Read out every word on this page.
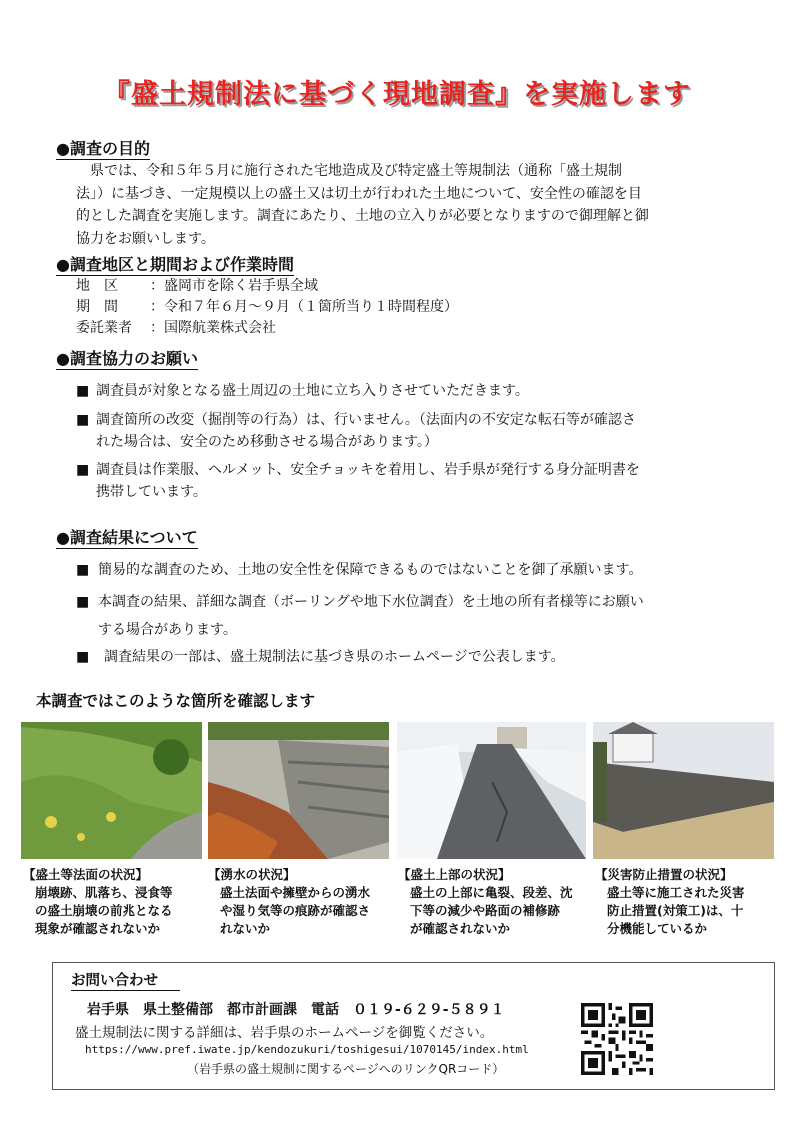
『盛土規制法に基づく現地調査』を実施します
●調査の目的
県では、令和５年５月に施行された宅地造成及び特定盛土等規制法（通称「盛土規制
法」）に基づき、一定規模以上の盛土又は切土が行われた土地について、安全性の確認を目
的とした調査を実施します。調査にあたり、土地の立入りが必要となりますので御理解と御
協力をお願いします。
●調査地区と期間および作業時間
地　区 ：盛岡市を除く岩手県全域
期　間 ：令和７年６月～９月（１箇所当り１時間程度）
委託業者 ：国際航業株式会社
●調査協力のお願い
■ 調査員が対象となる盛土周辺の土地に立ち入りさせていただきます。
■ 調査箇所の改変（掘削等の行為）は、行いません。（法面内の不安定な転石等が確認さ
れた場合は、安全のため移動させる場合があります。）
■ 調査員は作業服、ヘルメット、安全チョッキを着用し、岩手県が発行する身分証明書を
携帯しています。
●調査結果について
■ 簡易的な調査のため、土地の安全性を保障できるものではないことを御了承願います。
■ 本調査の結果、詳細な調査（ボーリングや地下水位調査）を土地の所有者様等にお願い
する場合があります。
■	調査結果の一部は、盛土規制法に基づき県のホームページで公表します。
本調査ではこのような箇所を確認します
【盛土等法面の状況】
崩壊跡、肌落ち、浸食等
の盛土崩壊の前兆となる
現象が確認されないか
【湧水の状況】
盛土法面や擁壁からの湧水
や湿り気等の痕跡が確認さ
れないか
【盛土上部の状況】
盛土の上部に亀裂、段差、沈
下等の減少や路面の補修跡
が確認されないか
【災害防止措置の状況】
盛土等に施工された災害
防止措置(対策工)は、十
分機能しているか
お問い合わせ
岩手県　県土整備部　都市計画課　電話　０１９-６２９-５８９１
盛土規制法に関する詳細は、岩手県のホームページを御覧ください。
https://www.pref.iwate.jp/kendozukuri/toshigesui/1070145/index.html
（岩手県の盛土規制に関するページへのリンクQRコード）
